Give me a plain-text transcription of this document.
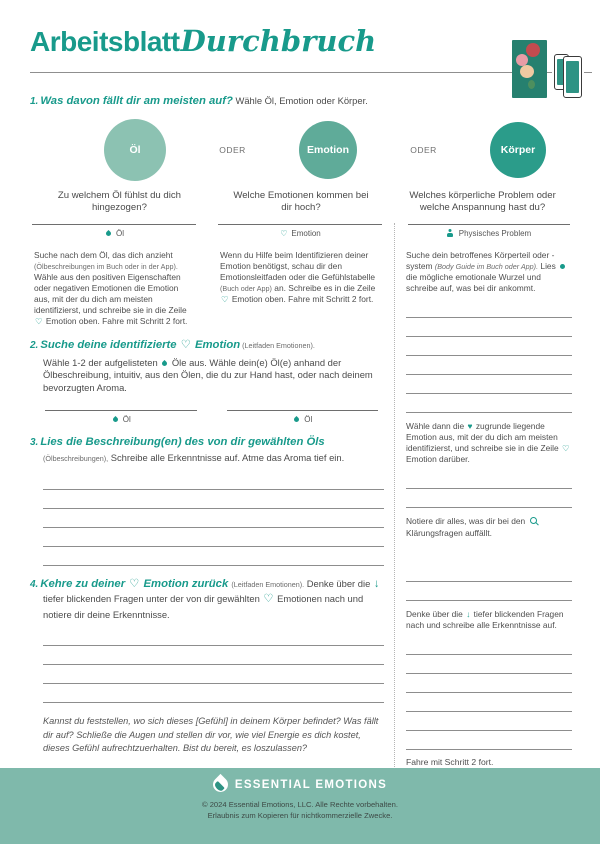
ArbeitsblattDurchbruch
1. Was davon fällt dir am meisten auf? Wähle Öl, Emotion oder Körper.
Öl	ODER	Emotion	ODER	Körper
Zu welchem Öl fühlst du dich hingezogen?
Welche Emotionen kommen bei dir hoch?
Welches körperliche Problem oder welche Anspannung hast du?
Öl

Suche nach dem Öl, das dich anzieht (Ölbeschreibungen im Buch oder in der App). Wähle aus den positiven Eigenschaften oder negativen Emotionen die Emotion aus, mit der du dich am meisten identifizierst, und schreibe sie in die Zeile ♡ Emotion oben. Fahre mit Schritt 2 fort.

♡ Emotion

Wenn du Hilfe beim Identifizieren deiner Emotion benötigst, schau dir den Emotionsleitfaden oder die Gefühlstabelle (Buch oder App) an. Schreibe es in die Zeile ♡ Emotion oben. Fahre mit Schritt 2 fort.

2. Suche deine identifizierte ♡ Emotion (Leitfaden Emotionen).

Wähle 1-2 der aufgelisteten  Öle aus. Wähle dein(e) Öl(e) anhand der Ölbeschreibung, intuitiv, aus den Ölen, die du zur Hand hast, oder nach deinem bevorzugten Aroma.

Öl	Öl
3. Lies die Beschreibung(en) des von dir gewählten Öls (Ölbeschreibungen), Schreibe alle Erkenntnisse auf. Atme das Aroma tief ein.
4. Kehre zu deiner ♡ Emotion zurück (Leitfaden Emotionen). Denke über die ↓ tiefer blickenden Fragen unter der von dir gewählten ♡ Emotionen nach und notiere dir deine Erkenntnisse.

Kannst du feststellen, wo sich dieses [Gefühl] in deinem Körper befindet? Was fällt dir auf? Schließe die Augen und stellen dir vor, wie viel Energie es dich kostet, dieses Gefühl aufrechtzuerhalten. Bist du bereit, es loszulassen?

Physisches Problem

Suche dein betroffenes Körperteil oder -system (Body Guide im Buch oder App). Lies  die mögliche emotionale Wurzel und schreibe auf, was bei dir ankommt.

Wähle dann die ♥ zugrunde liegende Emotion aus, mit der du dich am meisten identifizierst, und schreibe sie in die Zeile ♡ Emotion darüber.

Notiere dir alles, was dir bei den  Klärungsfragen auffällt.

Denke über die ↓ tiefer blickenden Fragen nach und schreibe alle Erkenntnisse auf.

Fahre mit Schritt 2 fort.
ESSENTIAL EMOTIONS
© 2024 Essential Emotions, LLC. Alle Rechte vorbehalten.
Erlaubnis zum Kopieren für nichtkommerzielle Zwecke.
